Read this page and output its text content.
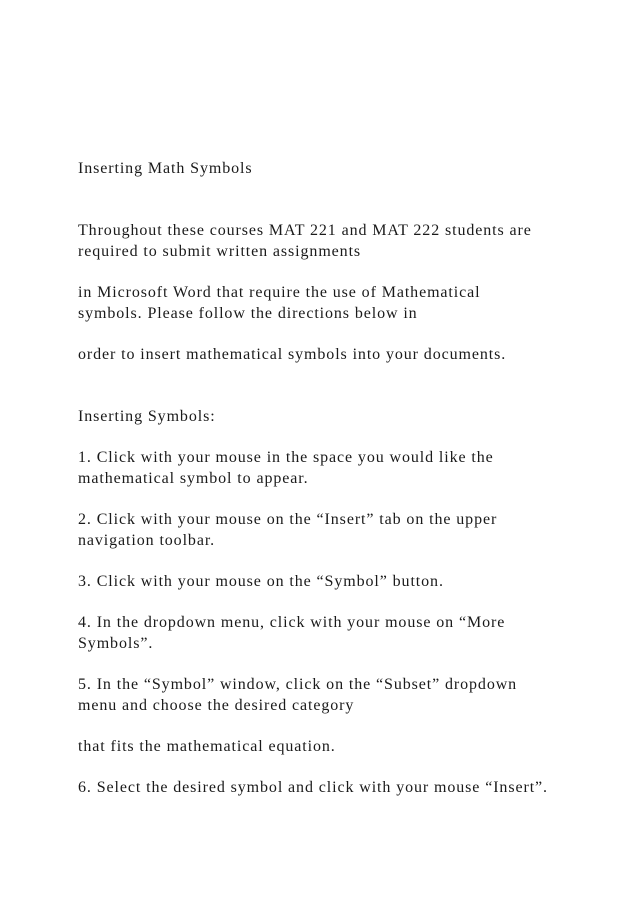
Inserting Math Symbols

Throughout these courses MAT 221 and MAT 222 students are

required to submit written assignments

in Microsoft Word that require the use of Mathematical

symbols. Please follow the directions below in

order to insert mathematical symbols into your documents.

Inserting Symbols:

1. Click with your mouse in the space you would like the

mathematical symbol to appear.

2. Click with your mouse on the “Insert” tab on the upper

navigation toolbar.

3. Click with your mouse on the “Symbol” button.

4. In the dropdown menu, click with your mouse on “More

Symbols”.

5. In the “Symbol” window, click on the “Subset” dropdown

menu and choose the desired category

that fits the mathematical equation.

6. Select the desired symbol and click with your mouse “Insert”.
